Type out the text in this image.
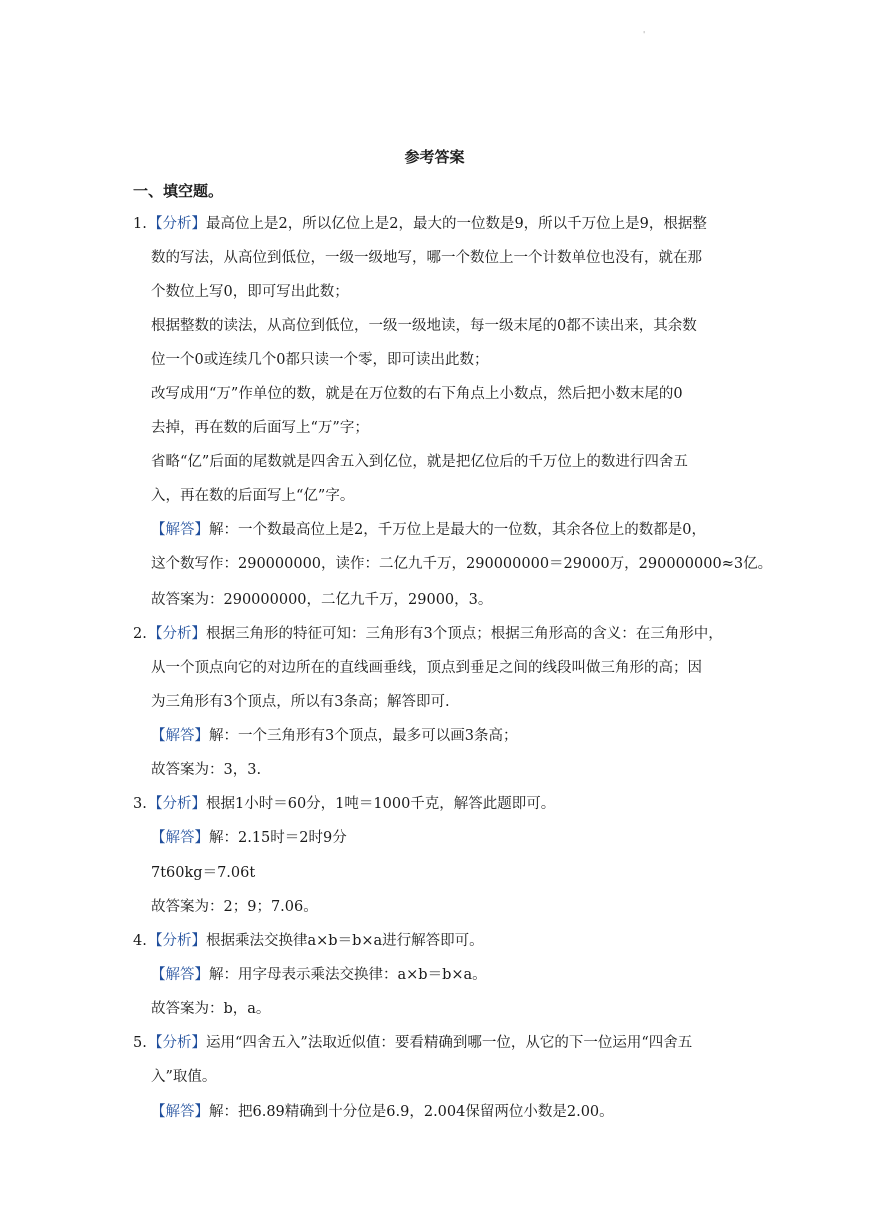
'
参考答案
一、填空题。
1. 【分析】最高位上是2，所以亿位上是2，最大的一位数是9，所以千万位上是9，根据整
数的写法，从高位到低位，一级一级地写，哪一个数位上一个计数单位也没有，就在那
个数位上写0，即可写出此数；
根据整数的读法，从高位到低位，一级一级地读，每一级末尾的0都不读出来，其余数
位一个0或连续几个0都只读一个零，即可读出此数；
改写成用“万”作单位的数，就是在万位数的右下角点上小数点，然后把小数末尾的0
去掉，再在数的后面写上“万”字；
省略“亿”后面的尾数就是四舍五入到亿位，就是把亿位后的千万位上的数进行四舍五
入，再在数的后面写上“亿”字。
【解答】解：一个数最高位上是2，千万位上是最大的一位数，其余各位上的数都是0，
这个数写作：290000000，读作：二亿九千万，290000000＝29000万，290000000≈3亿。
故答案为：290000000，二亿九千万，29000，3。
2. 【分析】根据三角形的特征可知：三角形有3个顶点；根据三角形高的含义：在三角形中，
从一个顶点向它的对边所在的直线画垂线，顶点到垂足之间的线段叫做三角形的高；因
为三角形有3个顶点，所以有3条高；解答即可.
【解答】解：一个三角形有3个顶点，最多可以画3条高；
故答案为：3，3.
3. 【分析】根据1小时＝60分，1吨＝1000千克，解答此题即可。
【解答】解：2.15时＝2时9分
7t60kg＝7.06t
故答案为：2；9；7.06。
4. 【分析】根据乘法交换律a×b＝b×a进行解答即可。
【解答】解：用字母表示乘法交换律：a×b＝b×a。
故答案为：b，a。
5. 【分析】运用“四舍五入”法取近似值：要看精确到哪一位，从它的下一位运用“四舍五
入”取值。
【解答】解：把6.89精确到十分位是6.9，2.004保留两位小数是2.00。
